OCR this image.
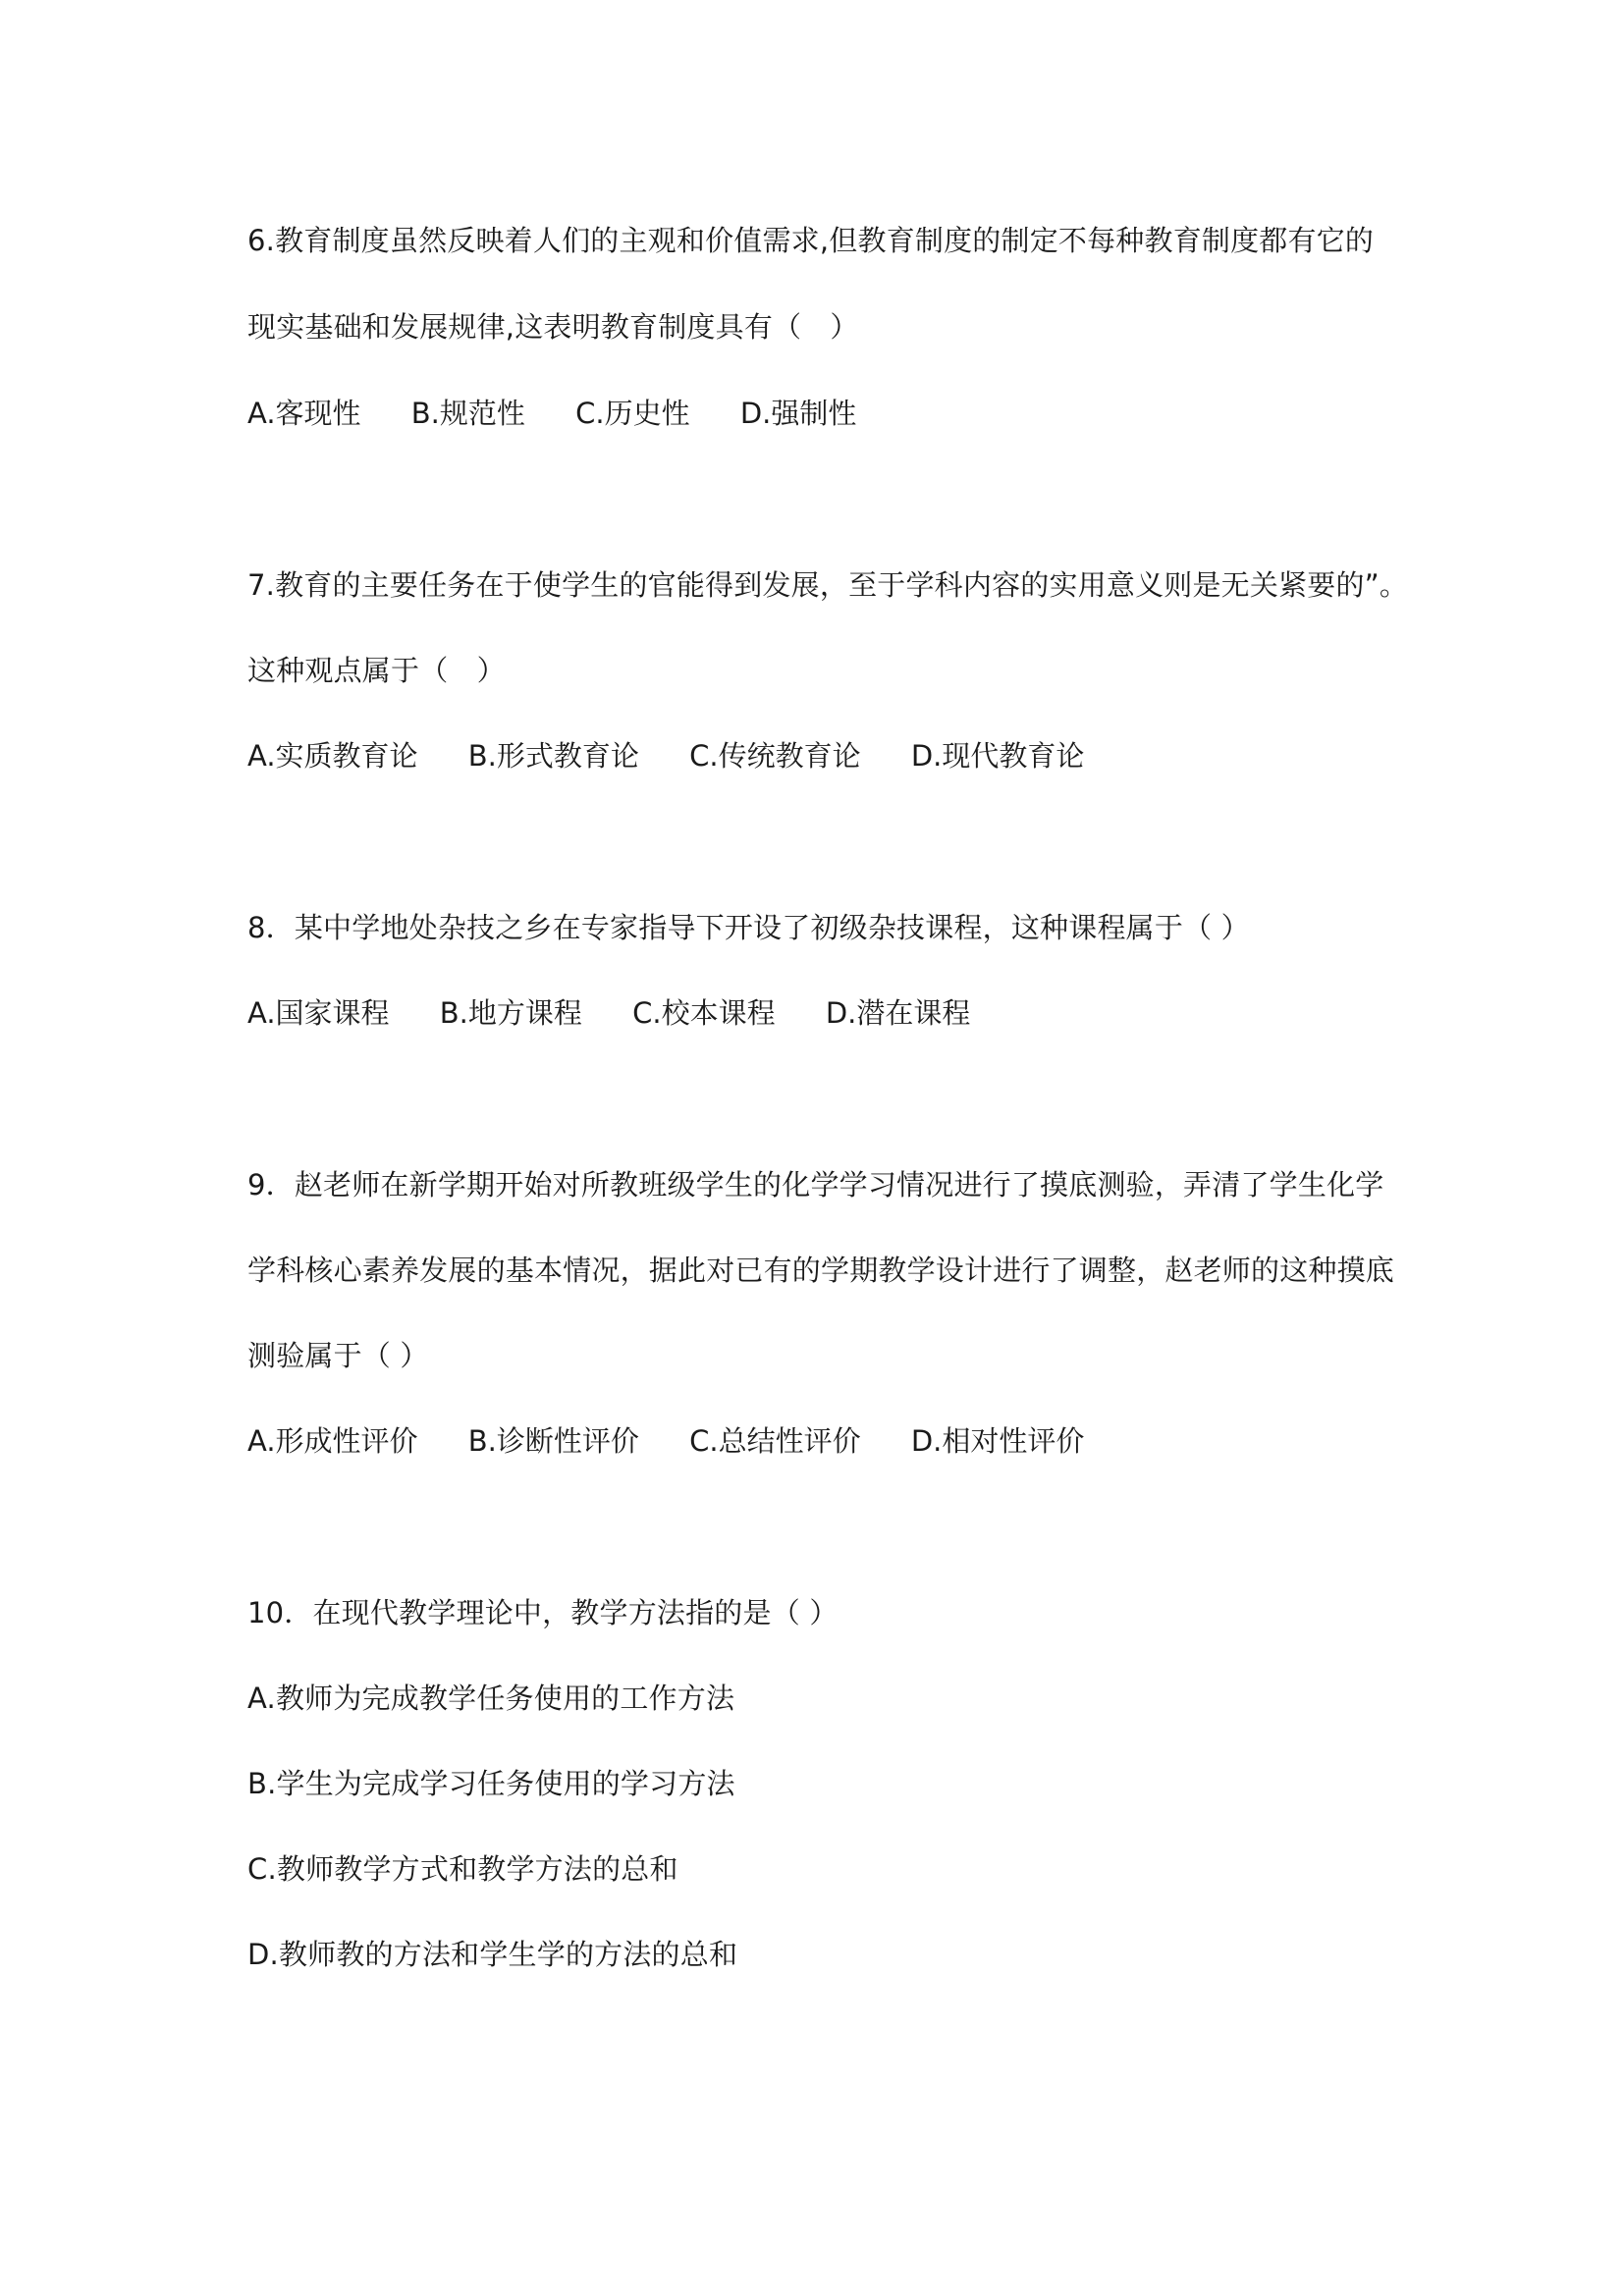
6.教育制度虽然反映着人们的主观和价值需求,但教育制度的制定不每种教育制度都有它的
现实基础和发展规律,这表明教育制度具有（　）
A.客现性 B.规范性 C.历史性 D.强制性
7.教育的主要任务在于使学生的官能得到发展，至于学科内容的实用意义则是无关紧要的”。
这种观点属于（　）
A.实质教育论 B.形式教育论 C.传统教育论 D.现代教育论
8．某中学地处杂技之乡在专家指导下开设了初级杂技课程，这种课程属于（ ）
A.国家课程 B.地方课程 C.校本课程 D.潜在课程
9．赵老师在新学期开始对所教班级学生的化学学习情况进行了摸底测验，弄清了学生化学
学科核心素养发展的基本情况，据此对已有的学期教学设计进行了调整，赵老师的这种摸底
测验属于（ ）
A.形成性评价 B.诊断性评价 C.总结性评价 D.相对性评价
10．在现代教学理论中，教学方法指的是（ ）
A.教师为完成教学任务使用的工作方法
B.学生为完成学习任务使用的学习方法
C.教师教学方式和教学方法的总和
D.教师教的方法和学生学的方法的总和
